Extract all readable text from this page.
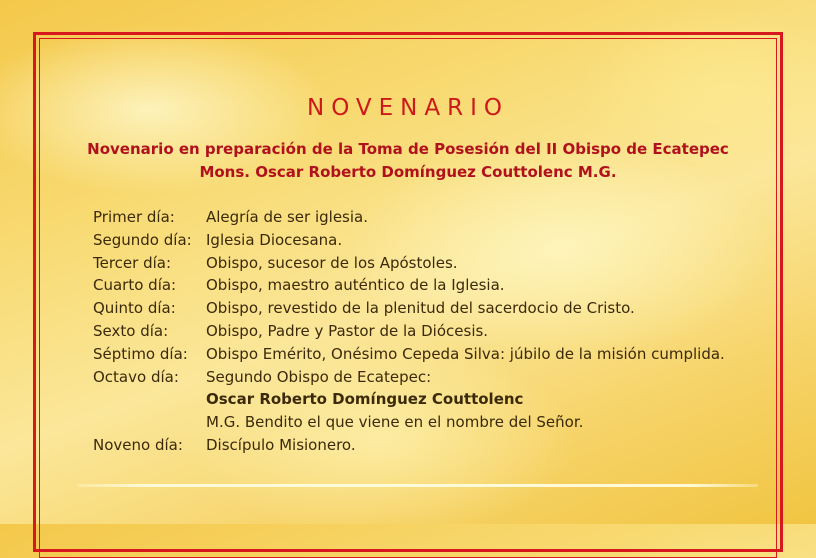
NOVENARIO
Novenario en preparación de la Toma de Posesión del II Obispo de Ecatepec
Mons. Oscar Roberto Domínguez Couttolenc M.G.
Primer día: Alegría de ser iglesia.
Segundo día: Iglesia Diocesana.
Tercer día: Obispo, sucesor de los Apóstoles.
Cuarto día: Obispo, maestro auténtico de la Iglesia.
Quinto día: Obispo, revestido de la plenitud del sacerdocio de Cristo.
Sexto día:	Obispo, Padre y Pastor de la Diócesis.
Séptimo día: Obispo Emérito, Onésimo Cepeda Silva: júbilo de la misión cumplida.
Octavo día: Segundo Obispo de Ecatepec:
Oscar Roberto Domínguez Couttolenc
M.G. Bendito el que viene en el nombre del Señor.
Noveno día: Discípulo Misionero.
